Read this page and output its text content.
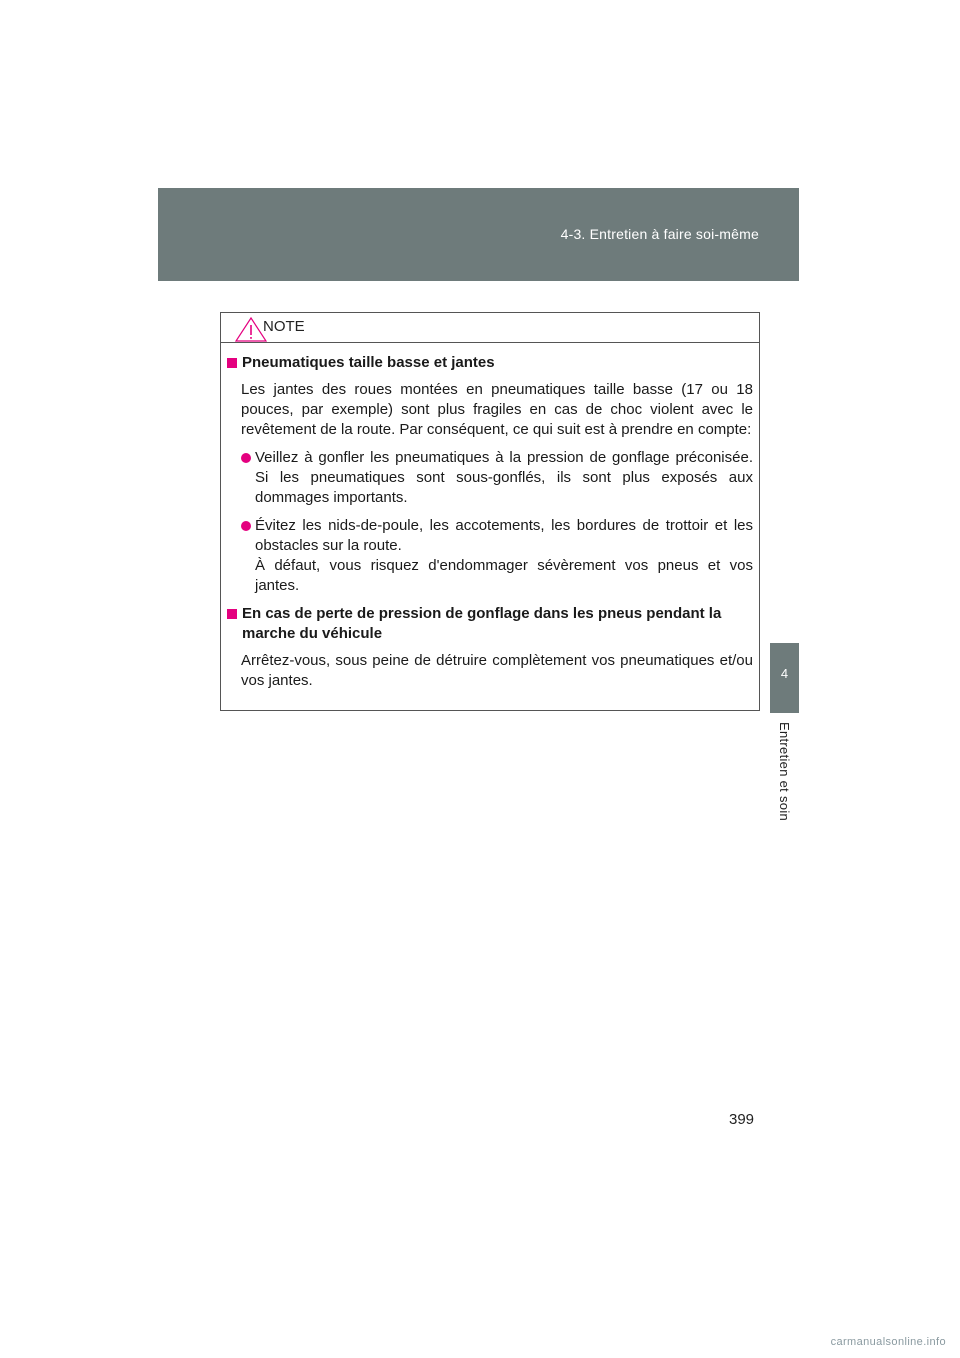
4-3. Entretien à faire soi-même
4
Entretien et soin
NOTE
Pneumatiques taille basse et jantes

Les jantes des roues montées en pneumatiques taille basse (17 ou 18 pouces, par exemple) sont plus fragiles en cas de choc violent avec le revêtement de la route. Par conséquent, ce qui suit est à prendre en compte:

Veillez à gonfler les pneumatiques à la pression de gonflage préconisée. Si les pneumatiques sont sous-gonflés, ils sont plus exposés aux dommages importants.
Évitez les nids-de-poule, les accotements, les bordures de trottoir et les obstacles sur la route.
À défaut, vous risquez d'endommager sévèrement vos pneus et vos jantes.
En cas de perte de pression de gonflage dans les pneus pendant la marche du véhicule

Arrêtez-vous, sous peine de détruire complètement vos pneumatiques et/ou vos jantes.

399
carmanualsonline.info
